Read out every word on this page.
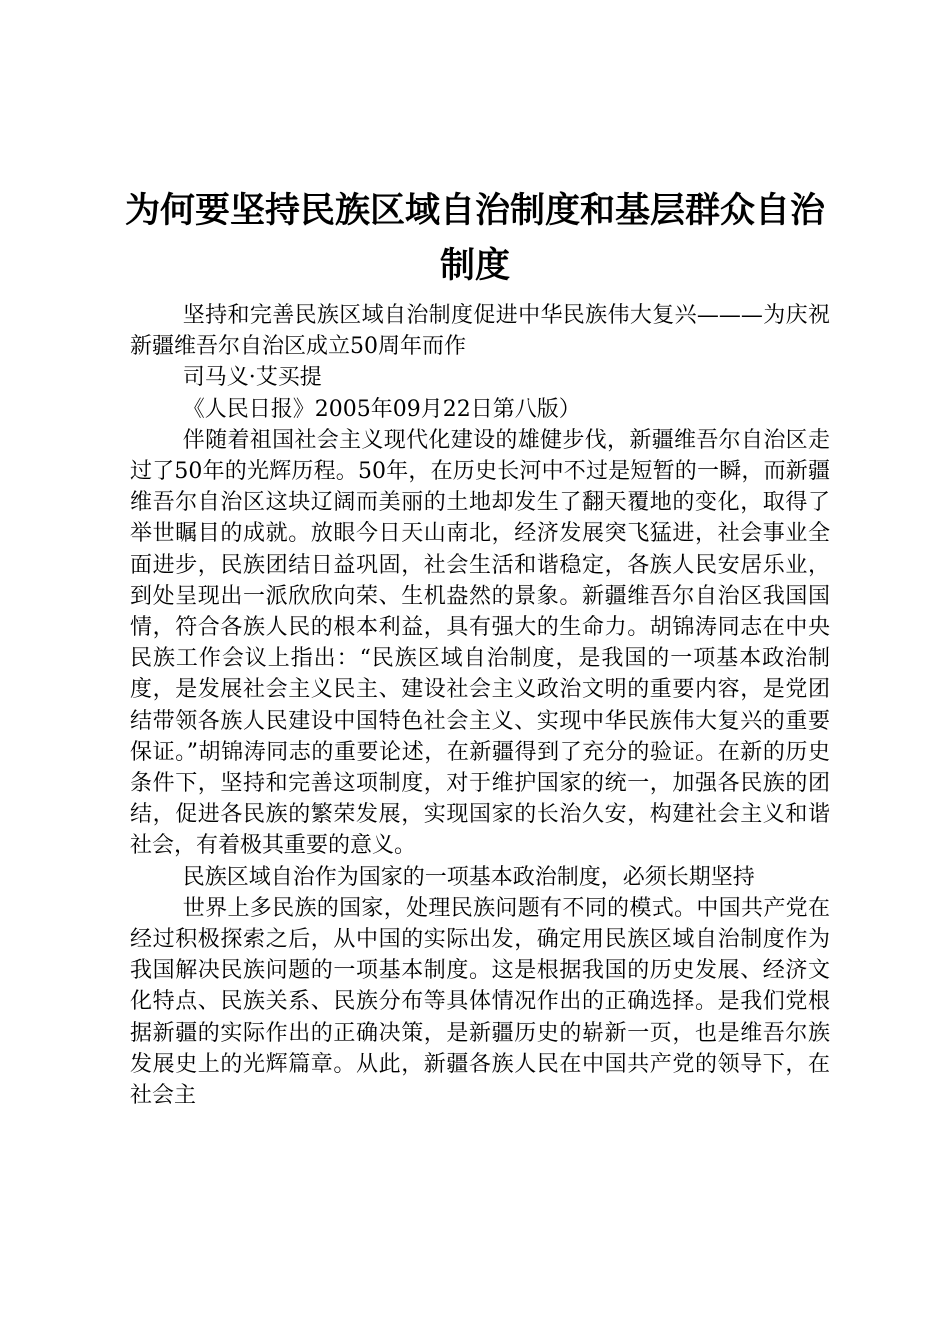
为何要坚持民族区域自治制度和基层群众自治
制度

坚持和完善民族区域自治制度促进中华民族伟大复兴———为庆祝新疆维吾尔自治区成立50周年而作

司马义·艾买提

《人民日报》2005年09月22日第八版）

伴随着祖国社会主义现代化建设的雄健步伐，新疆维吾尔自治区走过了50年的光辉历程。50年，在历史长河中不过是短暂的一瞬，而新疆维吾尔自治区这块辽阔而美丽的土地却发生了翻天覆地的变化，取得了举世瞩目的成就。放眼今日天山南北，经济发展突飞猛进，社会事业全面进步，民族团结日益巩固，社会生活和谐稳定，各族人民安居乐业，到处呈现出一派欣欣向荣、生机盎然的景象。新疆维吾尔自治区我国国情，符合各族人民的根本利益，具有强大的生命力。胡锦涛同志在中央民族工作会议上指出：“民族区域自治制度，是我国的一项基本政治制度，是发展社会主义民主、建设社会主义政治文明的重要内容，是党团结带领各族人民建设中国特色社会主义、实现中华民族伟大复兴的重要保证。”胡锦涛同志的重要论述，在新疆得到了充分的验证。在新的历史条件下，坚持和完善这项制度，对于维护国家的统一，加强各民族的团结，促进各民族的繁荣发展，实现国家的长治久安，构建社会主义和谐社会，有着极其重要的意义。

民族区域自治作为国家的一项基本政治制度，必须长期坚持

世界上多民族的国家，处理民族问题有不同的模式。中国共产党在经过积极探索之后，从中国的实际出发，确定用民族区域自治制度作为我国解决民族问题的一项基本制度。这是根据我国的历史发展、经济文化特点、民族关系、民族分布等具体情况作出的正确选择。是我们党根据新疆的实际作出的正确决策，是新疆历史的崭新一页，也是维吾尔族发展史上的光辉篇章。从此，新疆各族人民在中国共产党的领导下，在社会主
